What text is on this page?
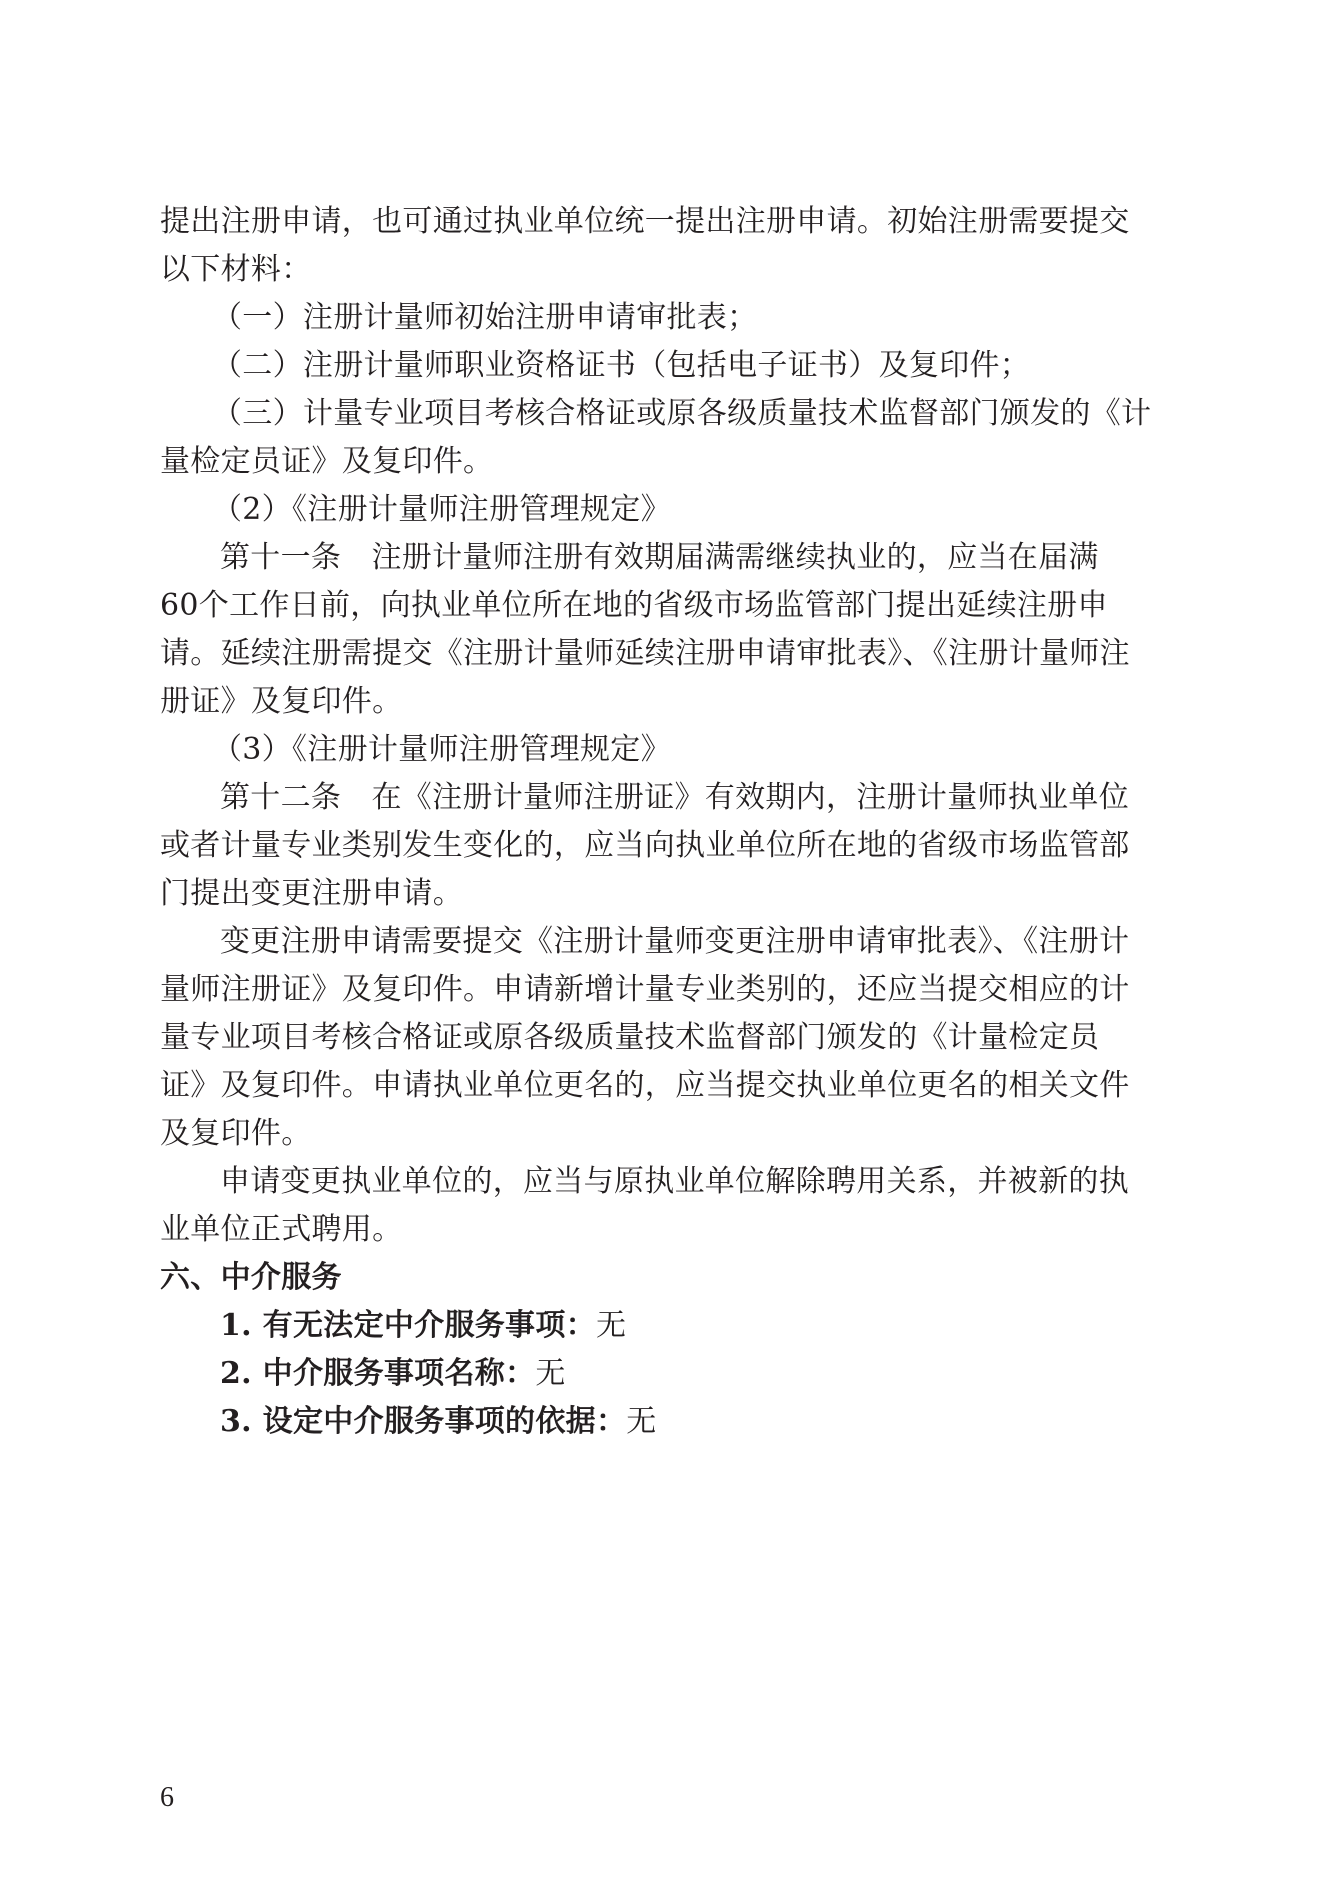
提出注册申请，也可通过执业单位统一提出注册申请。初始注册需要提交
以下材料：
（一）注册计量师初始注册申请审批表；
（二）注册计量师职业资格证书（包括电子证书）及复印件；
（三）计量专业项目考核合格证或原各级质量技术监督部门颁发的《计
量检定员证》及复印件。
（2）《注册计量师注册管理规定》
第十一条　注册计量师注册有效期届满需继续执业的，应当在届满
60个工作日前，向执业单位所在地的省级市场监管部门提出延续注册申
请。延续注册需提交《注册计量师延续注册申请审批表》、《注册计量师注
册证》及复印件。
（3）《注册计量师注册管理规定》
第十二条　在《注册计量师注册证》有效期内，注册计量师执业单位
或者计量专业类别发生变化的，应当向执业单位所在地的省级市场监管部
门提出变更注册申请。
变更注册申请需要提交《注册计量师变更注册申请审批表》、《注册计
量师注册证》及复印件。申请新增计量专业类别的，还应当提交相应的计
量专业项目考核合格证或原各级质量技术监督部门颁发的《计量检定员
证》及复印件。申请执业单位更名的，应当提交执业单位更名的相关文件
及复印件。
申请变更执业单位的，应当与原执业单位解除聘用关系，并被新的执
业单位正式聘用。
六、中介服务
1. 有无法定中介服务事项：无
2. 中介服务事项名称：无
3. 设定中介服务事项的依据：无
6
